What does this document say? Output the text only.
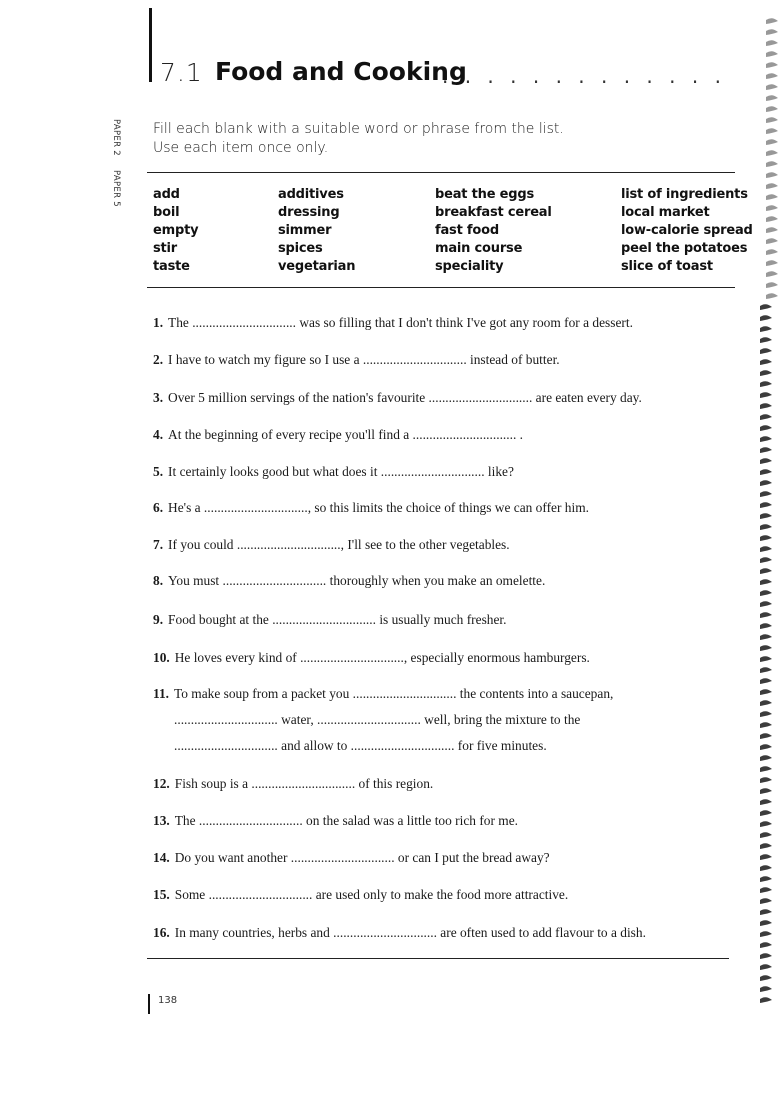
7.1 Food and Cooking
. . . . . . . . . . . . .
PAPER 2
PAPER 5
Fill each blank with a suitable word or phrase from the list.
Use each item once only.
add
boil
empty
stir
taste
additives
dressing
simmer
spices
vegetarian
beat the eggs
breakfast cereal
fast food
main course
speciality
list of ingredients
local market
low-calorie spread
peel the potatoes
slice of toast
1. The ............................... was so filling that I don't think I've got any room for a dessert.
2. I have to watch my figure so I use a ............................... instead of butter.
3. Over 5 million servings of the nation's favourite ............................... are eaten every day.
4. At the beginning of every recipe you'll find a ............................... .
5. It certainly looks good but what does it ............................... like?
6. He's a ..............................., so this limits the choice of things we can offer him.
7. If you could ..............................., I'll see to the other vegetables.
8. You must ............................... thoroughly when you make an omelette.
9. Food bought at the ............................... is usually much fresher.
10. He loves every kind of ..............................., especially enormous hamburgers.
11. To make soup from a packet you ............................... the contents into a saucepan,
............................... water, ............................... well, bring the mixture to the
............................... and allow to ............................... for five minutes.
12. Fish soup is a ............................... of this region.
13. The ............................... on the salad was a little too rich for me.
14. Do you want another ............................... or can I put the bread away?
15. Some ............................... are used only to make the food more attractive.
16. In many countries, herbs and ............................... are often used to add flavour to a dish.
138
